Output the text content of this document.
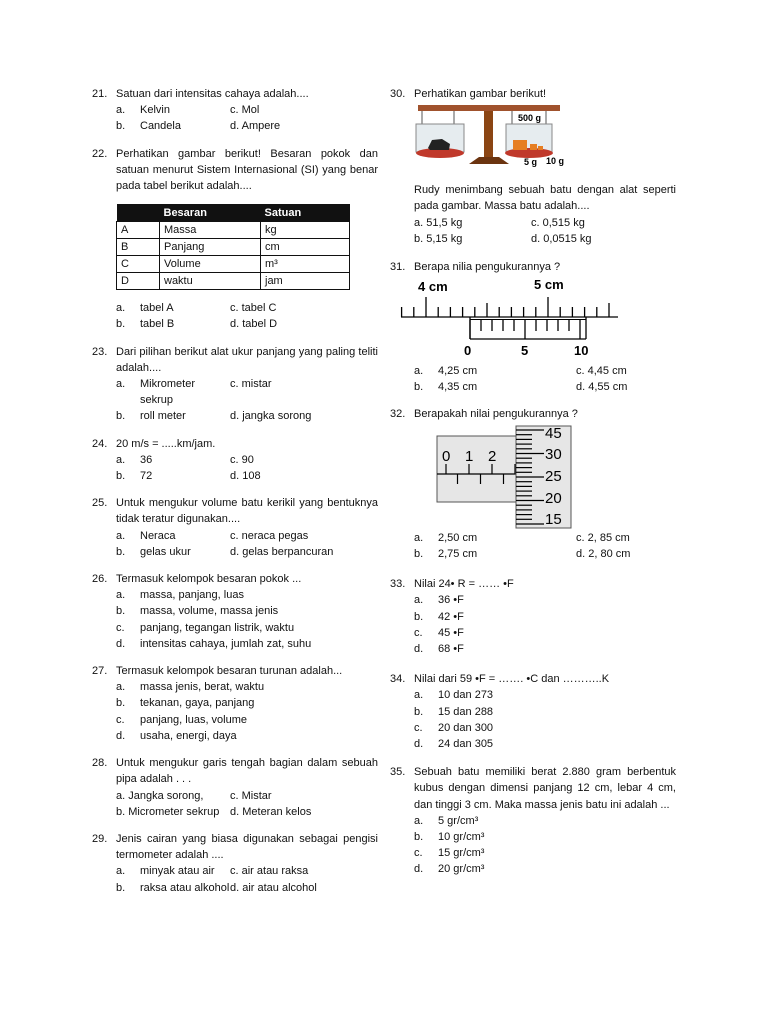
21. Satuan dari intensitas cahaya adalah....
a.	Kelvin	c. Mol
b.	Candela	d. Ampere
22. Perhatikan gambar berikut! Besaran pokok dan satuan menurut Sistem Internasional (SI) yang benar pada tabel berikut adalah....
	Besaran	Satuan
A	Massa	kg
B	Panjang	cm
C	Volume	m³
D	waktu	jam
a.	tabel A	c. tabel C
b.	tabel B	d. tabel D
23. Dari pilihan berikut alat ukur panjang yang paling teliti adalah....
a.	Mikrometer sekrup
c. mistar
b.	roll meter	d. jangka sorong
24. 20 m/s = .....km/jam.
a.	36	c. 90
b.	72	d. 108
25. Untuk mengukur volume batu kerikil yang bentuknya tidak teratur digunakan....
a.	Neraca	c. neraca pegas
b.	gelas ukur	d. gelas berpancuran
26. Termasuk kelompok besaran pokok ...
a.	massa, panjang, luas
b.	massa, volume, massa jenis
c.	panjang, tegangan listrik, waktu
d.	intensitas cahaya, jumlah zat, suhu
27. Termasuk kelompok besaran turunan adalah...
a.	massa jenis, berat, waktu
b.	tekanan, gaya, panjang
c.	panjang, luas, volume
d.	usaha, energi, daya
28. Untuk mengukur garis tengah bagian dalam sebuah pipa adalah . . .
a. Jangka sorong,	c. Mistar
b. Micrometer sekrup d. Meteran kelos
29. Jenis cairan yang biasa digunakan sebagai pengisi termometer adalah ....
a.	minyak atau air c. air atau raksa
b.	raksa atau alkohol d. air atau alcohol
30. Perhatikan gambar berikut!
500 g
10 g
5 g
Rudy menimbang sebuah batu dengan alat seperti pada gambar. Massa batu adalah....
a. 51,5 kg	c. 0,515 kg
b. 5,15 kg	d. 0,0515 kg
31. Berapa nilia pengukurannya ?
4 cm	5 cm
0	5	10
a.	4,25 cm	c. 4,45 cm
b.	4,35 cm	d. 4,55 cm
32. Berapakah nilai pengukurannya ?
0 1 2
45
30
25
20
15
a.	2,50 cm	c. 2, 85 cm
b.	2,75 cm	d. 2, 80 cm
33. Nilai 24• R = …… •F
a.	36 •F
b.	42 •F
c.	45 •F
d.	68 •F
34. Nilai dari 59 •F = ……. •C dan ………..K
a.	10 dan 273
b.	15 dan 288
c.	20 dan 300
d.	24 dan 305
35. Sebuah batu memiliki berat 2.880 gram berbentuk kubus dengan dimensi panjang 12 cm, lebar 4 cm, dan tinggi 3 cm. Maka massa jenis batu ini adalah ...
a.	5 gr/cm³
b.	10 gr/cm³
c.	15 gr/cm³
d.	20 gr/cm³
